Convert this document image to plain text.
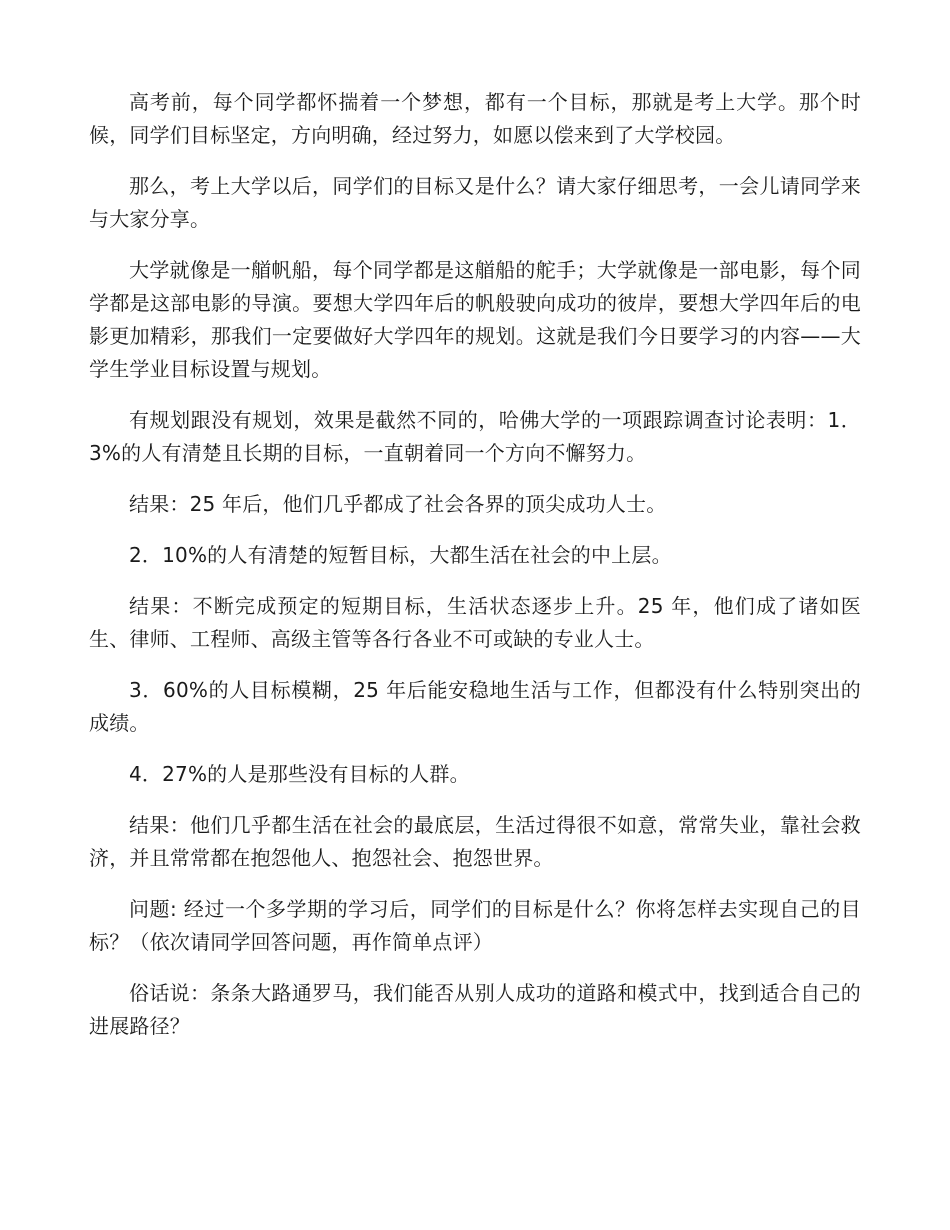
高考前，每个同学都怀揣着一个梦想，都有一个目标，那就是考上大学。那个时候，同学们目标坚定，方向明确，经过努力，如愿以偿来到了大学校园。

那么，考上大学以后，同学们的目标又是什么？请大家仔细思考，一会儿请同学来与大家分享。

大学就像是一艏帆船，每个同学都是这艏船的舵手；大学就像是一部电影，每个同学都是这部电影的导演。要想大学四年后的帆般驶向成功的彼岸，要想大学四年后的电影更加精彩，那我们一定要做好大学四年的规划。这就是我们今日要学习的内容——大学生学业目标设置与规划。

有规划跟没有规划，效果是截然不同的，哈佛大学的一项跟踪调查讨论表明：1．3%的人有清楚且长期的目标，一直朝着同一个方向不懈努力。

结果：25 年后，他们几乎都成了社会各界的顶尖成功人士。

2．10%的人有清楚的短暂目标，大都生活在社会的中上层。

结果：不断完成预定的短期目标，生活状态逐步上升。25 年，他们成了诸如医生、律师、工程师、高级主管等各行各业不可或缺的专业人士。

3．60%的人目标模糊，25 年后能安稳地生活与工作，但都没有什么特别突出的成绩。

4．27%的人是那些没有目标的人群。

结果：他们几乎都生活在社会的最底层，生活过得很不如意，常常失业，靠社会救济，并且常常都在抱怨他人、抱怨社会、抱怨世界。

问题: 经过一个多学期的学习后，同学们的目标是什么？你将怎样去实现自己的目标？（依次请同学回答问题，再作简单点评）

俗话说：条条大路通罗马，我们能否从别人成功的道路和模式中，找到适合自己的进展路径？
